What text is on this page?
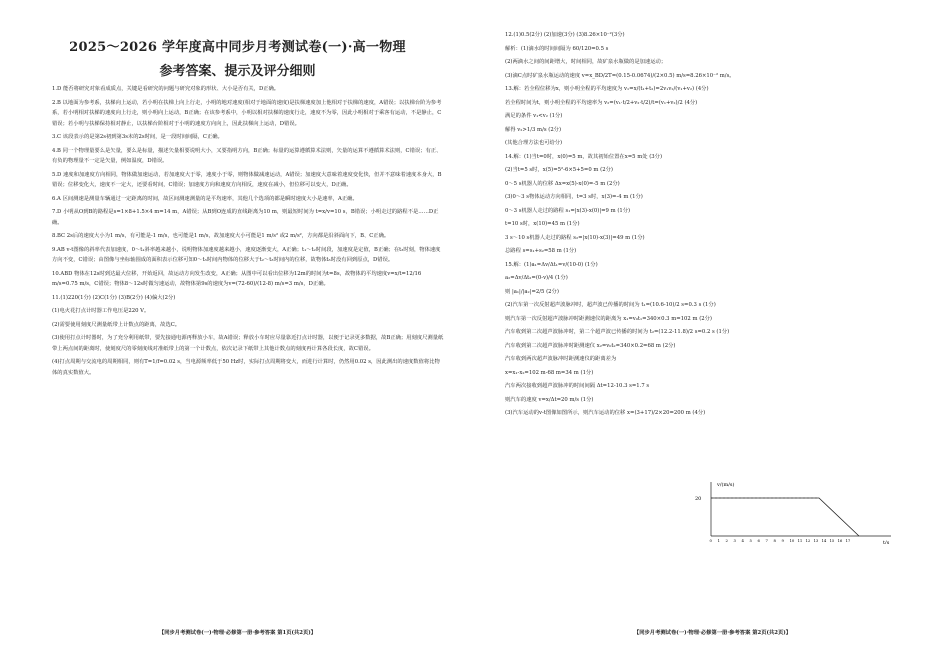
2025～2026 学年度高中同步月考测试卷(一)·高一物理
参考答案、提示及评分细则

1.D 能否将研究对象看成质点，关键是看研究的问题与研究对象的形状、大小是否有关，D正确。

2.B 以地面为参考系，扶梯向上运动，若小明在扶梯上向上行走，小明的地对速度(相对于地面的速度)是扶梯速度加上他相对于扶梯的速度，A错误；以扶梯台阶为参考系，若小明相对扶梯的速度向上行走，则小明向上运动，B正确；在该参考系中，小明以相对扶梯的速度行走，速度不为零，因此小明相对于乘客有运动，不是静止，C错误；若小明与扶梯保持相对静止，以扶梯台阶相对于小明的速度方向向上，因此扶梯向上运动，D错误。

3.C 该段表示的是第2s初到第3s末的2s时间，是一段时间间隔，C正确。

4.B 同一个物理量要么是矢量，要么是标量，描述矢量相要说明大小，又要指明方向，B正确；标量的运算遵循算术法则，矢量的运算不遵循算术法则，C错误；有正、有负的物理量不一定是矢量，例如温度，D错误。

5.D 速度和加速度方向相同，物体做加速运动，若加速度大于零，速度小于零，则物体做减速运动，A错误；加速度大意味着速度变化快，但并不意味着速度本身大，B错误；位移变化大，速度不一定大，还要看时间，C错误；加速度方向和速度方向相反，速度在减小，但位移可以变大，D正确。

6.A 区间测速是测量车辆通过一定距离的时间，故区间测速测量的是平均速率，其他几个选项的都是瞬时速度大小是速率，A正确。

7.D 小明从O到B的路程是s=1×8+1.5×4 m=14 m，A错误；从B到O连成的直线距离为10 m，则最短时间为 t=x/v=10 s，B错误；小明走过的路程不是……D正确。

8.BC 2s后的速度大小为1 m/s，有可能是-1 m/s，也可能是1 m/s，故加速度大小可能是1 m/s² 或2 m/s²，方向都是沿斜面向下，B、C正确。

9.AB v-t图像的斜率代表加速度，0～t₁斜率越来越小，说明物体加速度越来越小，速度逐渐变大，A正确；t₁～t₂时间段，加速度是定值，B正确；在t₃时刻，物体速度方向不变，C错误；由图像与坐标轴围成的面积表示位移可知0～t₃时间内物体的位移大于t₂～t₃时间内的位移，故物体t₃时没有回到原点，D错误。

10.ABD 物体在12s时到达最大位移，开始返回，故运动方向发生改变，A正确；从图中可以看出位移为12m的时间为t=8s，故物体的平均速度v=x/t=12/16 m/s=0.75 m/s，C错误；物体8～12s时做匀速运动，故物体第9s的速度为v=(72-60)/(12-8) m/s=3 m/s，D正确。

11.(1)220(1分) (2)C(1分) (3)B(2分) (4)偏大(2分)

(1)电火花打点计时器工作电压是220 V。

(2)需要使用刻度尺测量纸带上计数点的距离，故选C。

(3)使用打点计时器时，为了充分利用纸带，要先接通电源再释放小车，故A错误；释放小车时应尽量靠近打点计时器，以便于记录更多数据，故B正确；用刻度尺测量纸带上两点间的距离时，使刻度尺的零刻度线对准纸带上的第一个计数点，依次记录下纸带上其他计数点的刻度再计算各段长度，故C错误。

(4)打点周期与交流电的周期相同，则有T=1/f=0.02 s，当电源频率低于50 Hz时，实际打点周期将变大，而进行计算时，仍然用0.02 s，因此测出的速度数值将比物体的真实数值大。

【同步月考测试卷(一)·物理·必修第一册·参考答案 第1页(共2页)】

12.(1)0.5(2分) (2)加速(3分) (3)8.26×10⁻²(3分)

解析：(1)滴水的时间间隔为 60/120=0.5 s

(2)两滴水之间的间距增大，时间相同，故矿泉水瓶做的是加速运动；

(3)滴C点时矿泉水瓶运动的速度 v=x_BD/2T=(0.15-0.0674)/(2×0.5) m/s=8.26×10⁻² m/s。

13.解：若全程位移为x，则小明全程的平均速度为 v₁=x/(t₁+t₂)=2v₁v₂/(v₁+v₂) (4分)

若全程时间为t，则小明全程的平均速率为 v₂=(v₁·t/2+v₂·t/2)/t=(v₁+v₂)/2 (4分)

满足的条件 v₁<v₂ (1分)

解得 v₂>1/3 m/s (2分)

(其他合理方法也可给分)

14.解：(1)当t=0时，x(0)=5 m，故其初始位置在x=5 m处 (3分)

(2)当t=5 s时，x(5)=5²-6×5+5=0 m (2分)

0～5 s机器人的位移 Δx=x(5)-x(0)=-5 m (2分)

(3)0～3 s物体运动方向相同，t=3 s时，x(3)=-4 m (1分)

0～3 s机器人走过的路程 s₁=|x(3)-x(0)|=9 m (1分)

t=10 s时，x(10)=45 m (1分)

3 s～10 s机器人走过的路程 s₂=|x(10)-x(3)|=49 m (1分)

总路程 s=s₁+s₂=58 m (1分)

15.解：(1)a₁=Δv/Δt₁=v/(10-0) (1分)

a₂=Δv/Δt₂=(0-v)/4 (1分)

则 |a₁|/|a₂|=2/5 (2分)

(2)汽车第一次反射超声波脉冲时，超声波已传播的时间为 t₁=(10.6-10)/2 s=0.3 s (1分)

则汽车第一次反射超声波脉冲时距测速仪的距离为 x₁=v₀t₁=340×0.3 m=102 m (2分)

汽车收到第二次超声波脉冲时，第二个超声波已传播的时间为 t₂=(12.2-11.8)/2 s=0.2 s (1分)

汽车收到第二次超声波脉冲时距测速仪 x₂=v₀t₂=340×0.2=68 m (2分)

汽车收到两次超声波脉冲时距测速仪的距离差为

x=x₁-x₂=102 m-68 m=34 m (1分)

汽车两次接收到超声波脉冲的时间间隔 Δt=12-10.3 s=1.7 s

则汽车的速度 v=x/Δt=20 m/s (1分)

(3)汽车运动的v-t图像如图所示，则汽车运动的位移 x=(3+17)/2×20=200 m (4分)

20
v/(m/s)
t/s
0 1 2 3 4 5 6 7 8 9 10 11 12 13 14 15 16 17
【同步月考测试卷(一)·物理·必修第一册·参考答案 第2页(共2页)】
